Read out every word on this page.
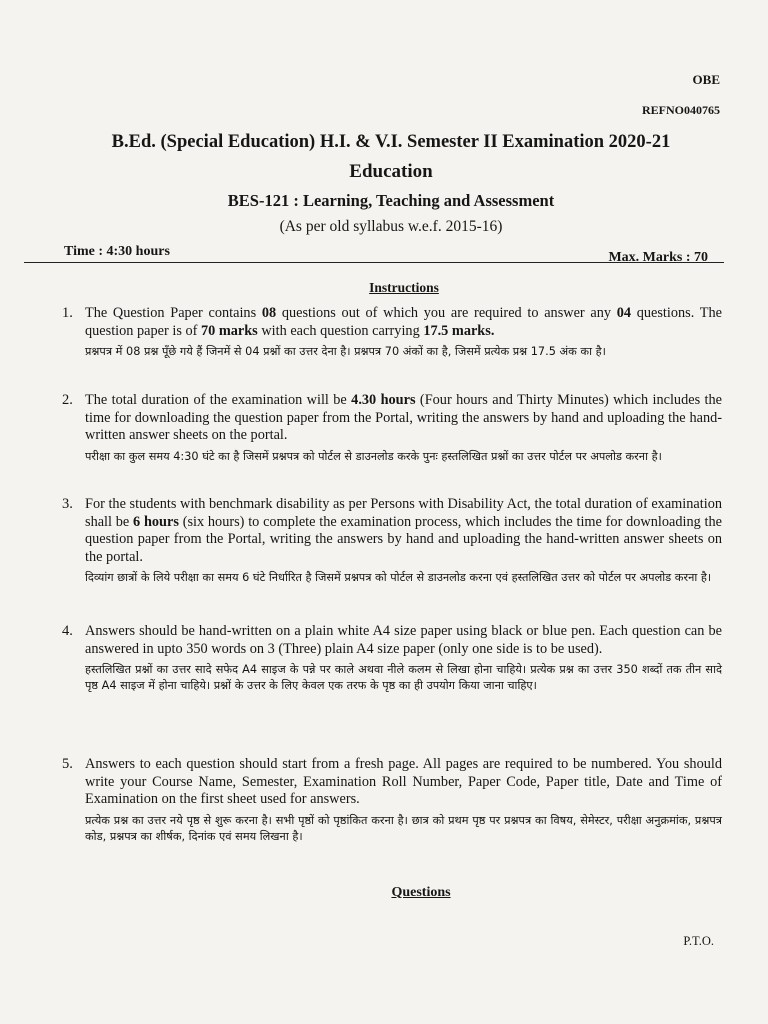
OBE
REFNO040765
B.Ed. (Special Education) H.I. & V.I. Semester II Examination 2020-21
Education
BES-121 : Learning, Teaching and Assessment
(As per old syllabus w.e.f. 2015-16)
Time : 4:30 hours	Max. Marks : 70
Instructions
1. The Question Paper contains 08 questions out of which you are required to answer any 04 questions. The question paper is of 70 marks with each question carrying 17.5 marks.
प्रश्नपत्र में 08 प्रश्न पूँछे गये हैं जिनमें से 04 प्रश्नों का उत्तर देना है। प्रश्नपत्र 70 अंकों का है, जिसमें प्रत्येक प्रश्न 17.5 अंक का है।
2. The total duration of the examination will be 4.30 hours (Four hours and Thirty Minutes) which includes the time for downloading the question paper from the Portal, writing the answers by hand and uploading the hand-written answer sheets on the portal.
परीक्षा का कुल समय 4:30 घंटे का है जिसमें प्रश्नपत्र को पोर्टल से डाउनलोड करके पुनः हस्तलिखित प्रश्नों का उत्तर पोर्टल पर अपलोड करना है।
3. For the students with benchmark disability as per Persons with Disability Act, the total duration of examination shall be 6 hours (six hours) to complete the examination process, which includes the time for downloading the question paper from the Portal, writing the answers by hand and uploading the hand-written answer sheets on the portal.
दिव्यांग छात्रों के लिये परीक्षा का समय 6 घंटे निर्धारित है जिसमें प्रश्नपत्र को पोर्टल से डाउनलोड करना एवं हस्तलिखित उत्तर को पोर्टल पर अपलोड करना है।
4. Answers should be hand-written on a plain white A4 size paper using black or blue pen. Each question can be answered in upto 350 words on 3 (Three) plain A4 size paper (only one side is to be used).
हस्तलिखित प्रश्नों का उत्तर सादे सफेद A4 साइज के पन्ने पर काले अथवा नीले कलम से लिखा होना चाहिये। प्रत्येक प्रश्न का उत्तर 350 शब्दों तक तीन सादे पृष्ठ A4 साइज में होना चाहिये। प्रश्नों के उत्तर के लिए केवल एक तरफ के पृष्ठ का ही उपयोग किया जाना चाहिए।
5. Answers to each question should start from a fresh page. All pages are required to be numbered. You should write your Course Name, Semester, Examination Roll Number, Paper Code, Paper title, Date and Time of Examination on the first sheet used for answers.
प्रत्येक प्रश्न का उत्तर नये पृष्ठ से शुरू करना है। सभी पृष्ठों को पृष्ठांकित करना है। छात्र को प्रथम पृष्ठ पर प्रश्नपत्र का विषय, सेमेस्टर, परीक्षा अनुक्रमांक, प्रश्नपत्र कोड, प्रश्नपत्र का शीर्षक, दिनांक एवं समय लिखना है।
Questions
P.T.O.
